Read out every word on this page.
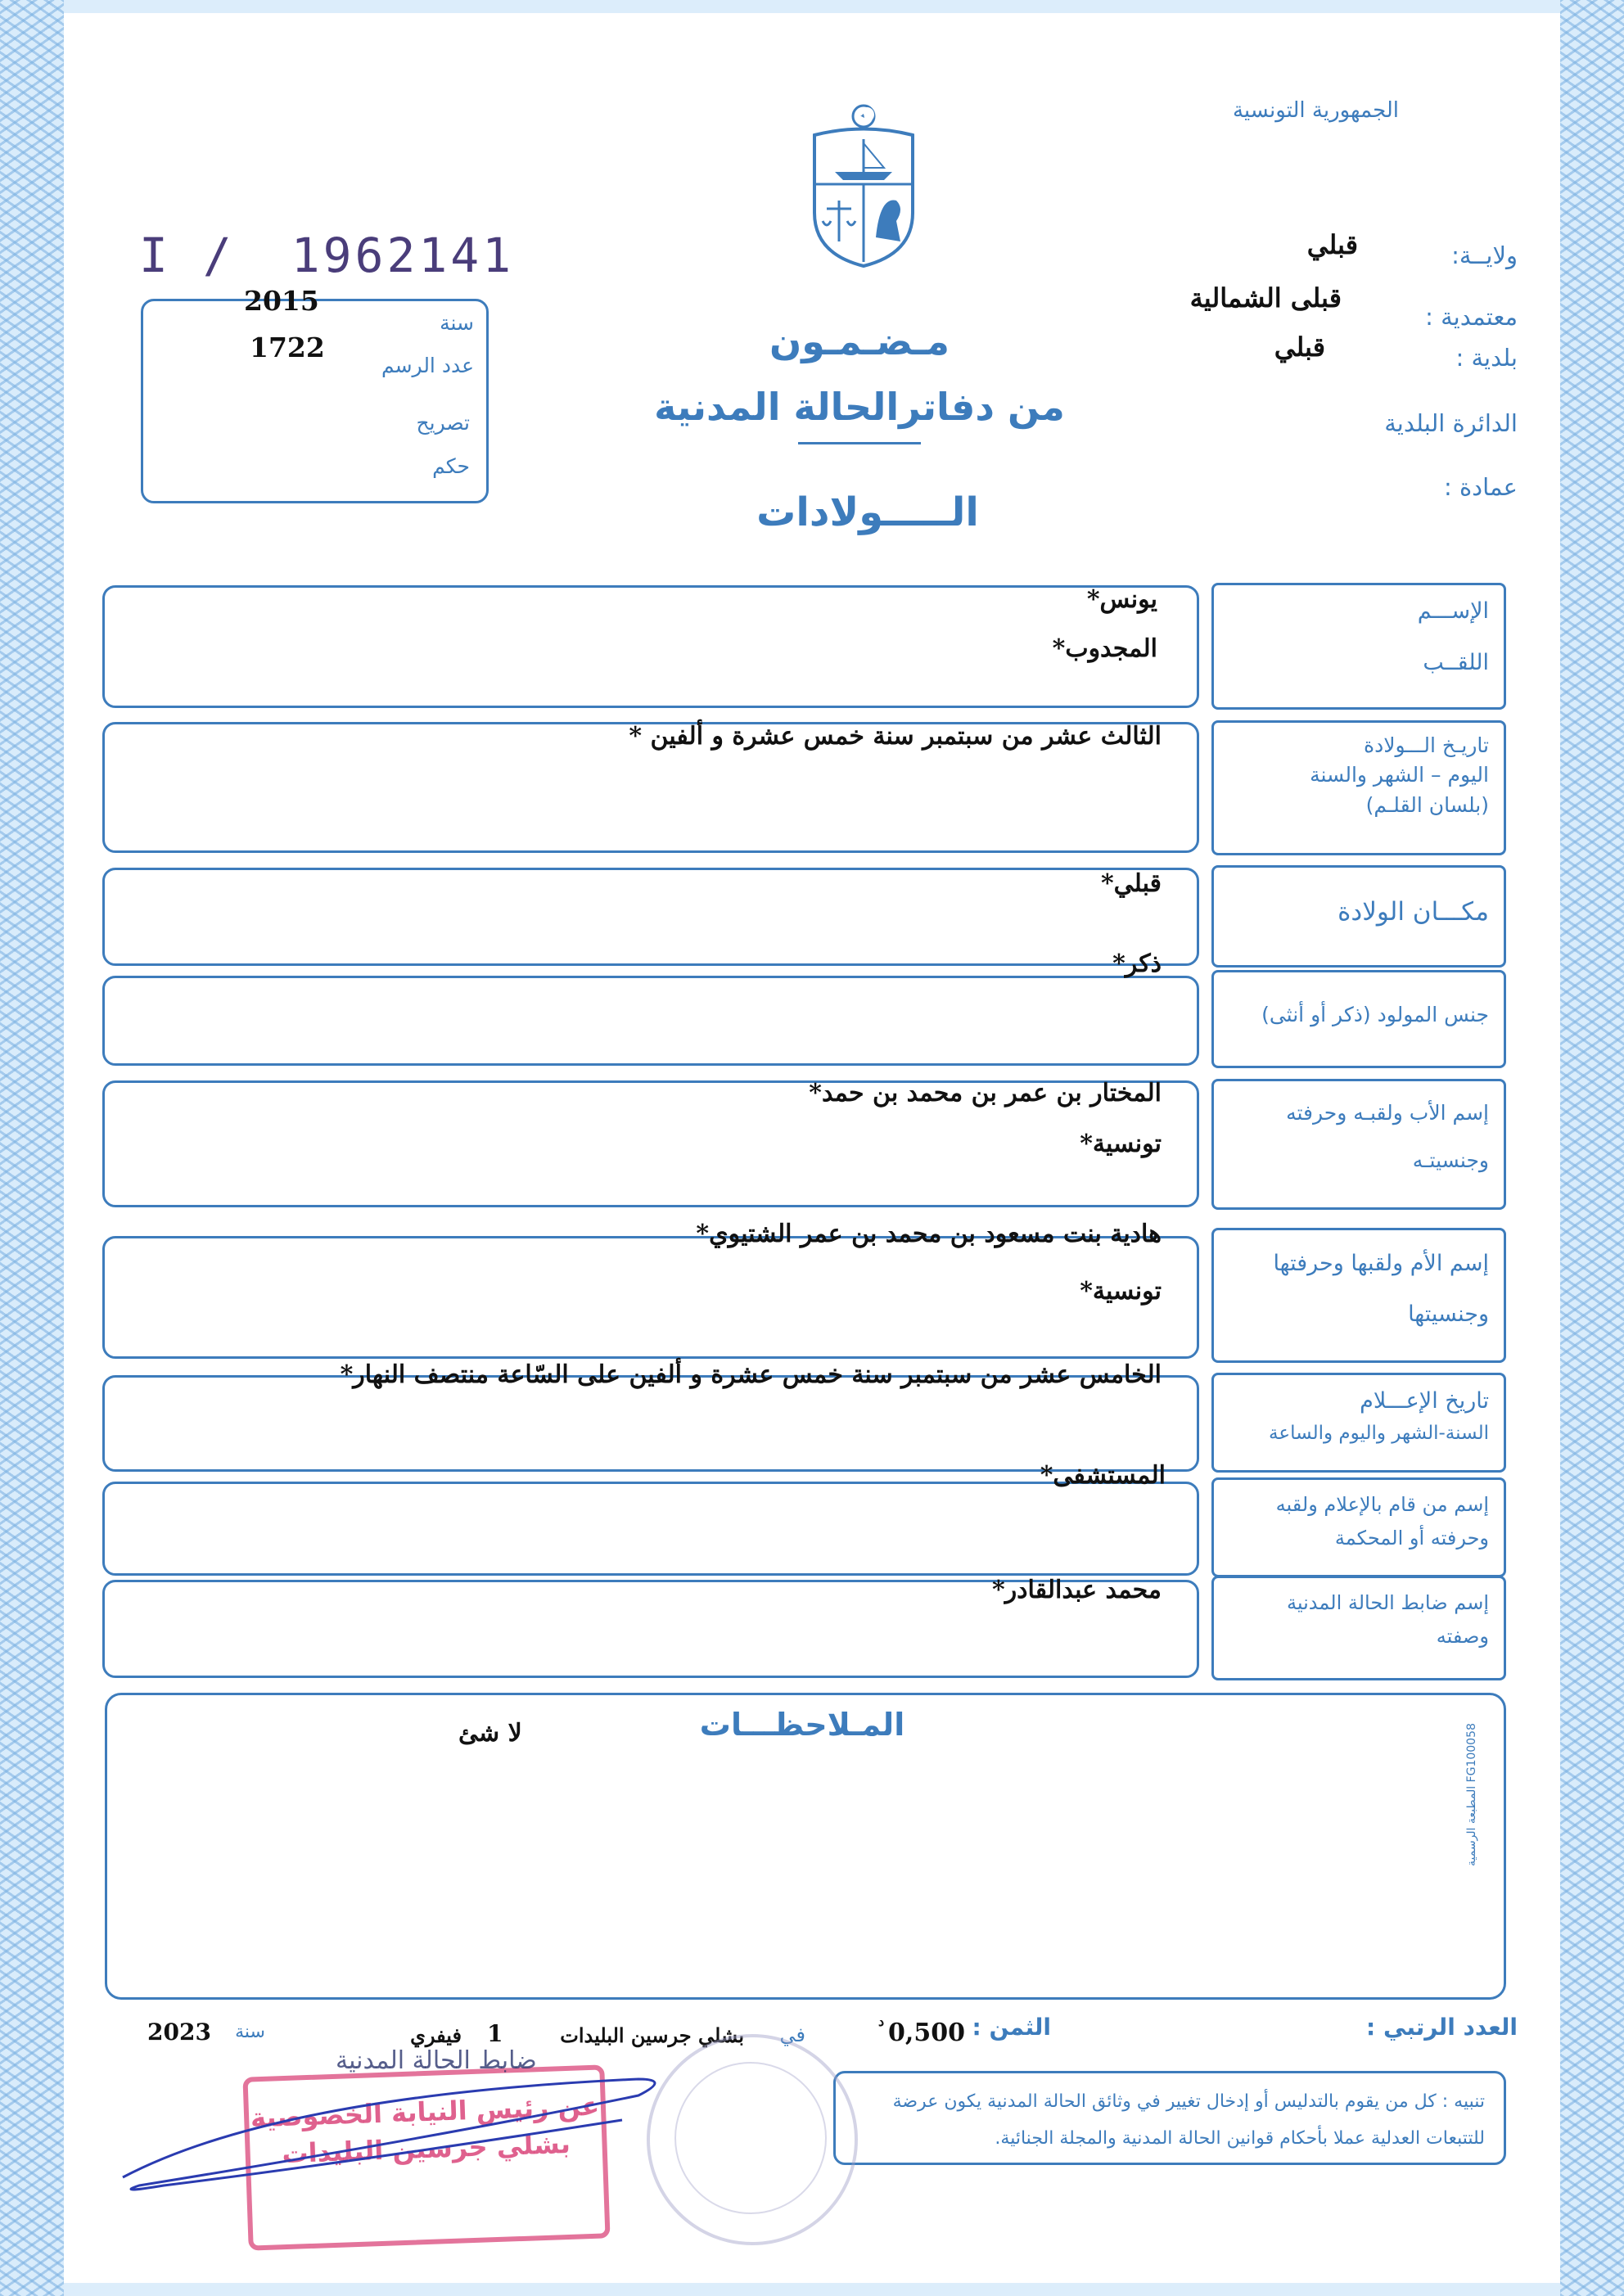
الجمهورية التونسية
I / 1962141
سنة
2015
عدد الرسم
1722
تصريح
حكم
مـضـمـون
من دفاترالحالة المدنية
الـــــولادات
ولايــة:
قبلي
معتمدية :
قبلى الشمالية
بلدية :
قبلي
الدائرة البلدية
عمادة :
الإســـم
اللقــب
يونس*
المجدوب*
تاريـخ الـــولادة
اليوم – الشهر والسنة
(بلسان القلـم)
الثالث عشر من سبتمبر سنة خمس عشرة و ألفين *
مكـــان الولادة
قبلي*
جنس المولود (ذكر أو أنثى)
ذكر*
إسم الأب ولقبـه وحرفته
وجنسيتـه
المختار بن عمر بن محمد بن حمد*
تونسية*
إسم الأم ولقبها وحرفتها
وجنسيتها
هادية بنت مسعود بن محمد بن عمر الشتيوي*
تونسية*
تاريخ الإعـــلام
السنة-الشهر واليوم والساعة
الخامس عشر من سبتمبر سنة خمس عشرة و ألفين على السّاعة منتصف النهار*
إسم من قام بالإعلام ولقبه
وحرفته أو المحكمة
المستشفى*
إسم ضابط الحالة المدنية
وصفته
محمد عبدالقادر*
المـلاحظـــات
لا شئ
المطبعة الرسمية FG100058
العدد الرتبي :
الثمن :
0,500
د
بشلي جرسين البليدات في
1
فيفري
سنة
2023
تنبيه : كل من يقوم بالتدليس أو إدخال تغيير في وثائق الحالة المدنية يكون عرضة
للتتبعات العدلية عملا بأحكام قوانين الحالة المدنية والمجلة الجنائية.
عن رئيس النيابة الخصوصية بشلي جرسين البليدات
ضابط الحالة المدنية
